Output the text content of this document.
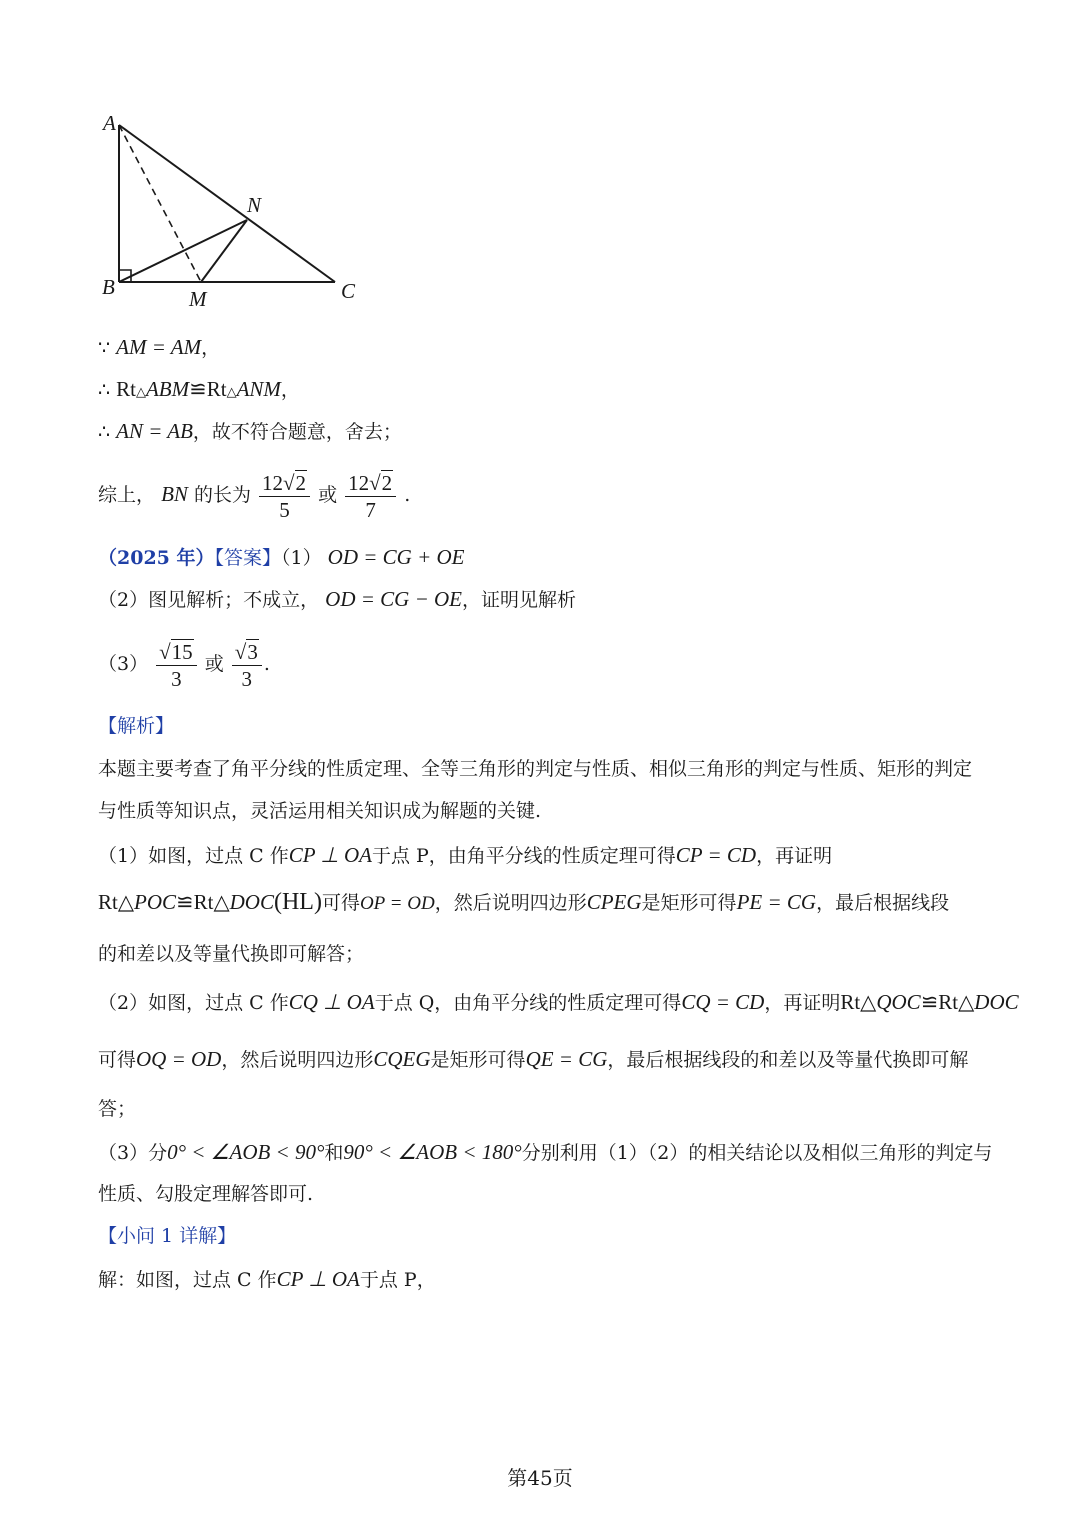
A
B	M
N
C
∵ AM = AM，
∴ Rt△ABM≌Rt△ANM，
∴ AN = AB，故不符合题意，舍去；
综上， BN 的长为 $\frac{12√2}{5}$ 或 $\frac{12√2}{7}$ .
（2025 年）【答案】（1） OD = CG + OE
（2）图见解析；不成立， OD = CG − OE，证明见解析
$(3) \frac{√15}{3}$ 或 $\frac{√3}{3}$ .
【解析】
本题主要考查了角平分线的性质定理、全等三角形的判定与性质、相似三角形的判定与性质、矩形的判定
与性质等知识点，灵活运用相关知识成为解题的关键.
（1）如图，过点 C 作CP ⊥ OA于点 P，由角平分线的性质定理可得CP = CD，再证明
Rt△POC≌Rt△DOC(HL)可得OP = OD，然后说明四边形CPEG是矩形可得PE = CG，最后根据线段
的和差以及等量代换即可解答；
（2）如图，过点 C 作CQ ⊥ OA于点 Q，由角平分线的性质定理可得CQ = CD，再证明Rt△QOC≌Rt△DOC
可得OQ = OD，然后说明四边形CQEG是矩形可得QE = CG，最后根据线段的和差以及等量代换即可解
答；
（3）分0° < ∠AOB < 90°和90° < ∠AOB < 180°分别利用（1）（2）的相关结论以及相似三角形的判定与
性质、勾股定理解答即可.
【小问 1 详解】
解：如图，过点 C 作CP ⊥ OA于点 P，
第45页
